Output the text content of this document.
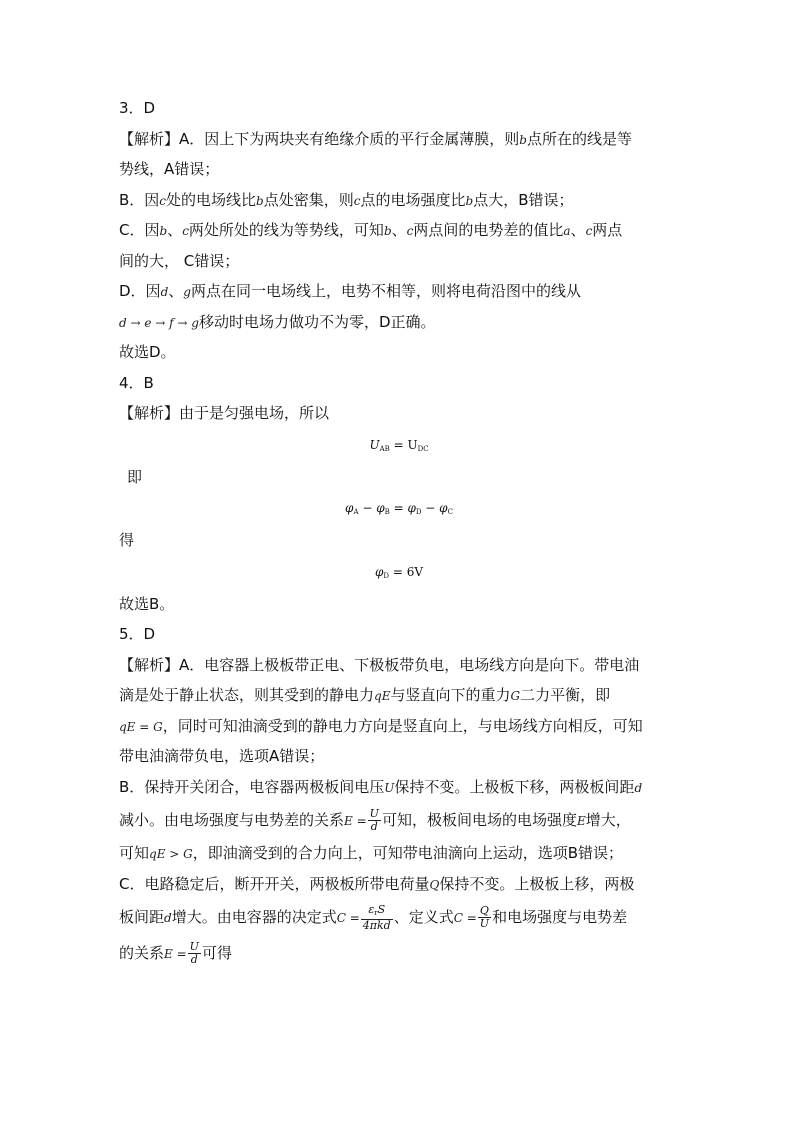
3．D
【解析】A．因上下为两块夹有绝缘介质的平行金属薄膜，则b点所在的线是等
势线，A错误；
B．因c处的电场线比b点处密集，则c点的电场强度比b点大，B错误；
C．因b、c两处所处的线为等势线，可知b、c两点间的电势差的值比a、c两点
间的大， C错误；
D．因d、g两点在同一电场线上，电势不相等，则将电荷沿图中的线从
d → e → f → g移动时电场力做功不为零，D正确。
故选D。
4．B
【解析】由于是匀强电场，所以
$U_{AB} = U_{DC}$
即
$\varphi_A - \varphi_B = \varphi_D - \varphi_C$
得
$\varphi_D = 6V$
故选B。
5．D
【解析】A．电容器上极板带正电、下极板带负电，电场线方向是向下。带电油
滴是处于静止状态，则其受到的静电力qE与竖直向下的重力G二力平衡，即
qE = G，同时可知油滴受到的静电力方向是竖直向上，与电场线方向相反，可知
带电油滴带负电，选项A错误；
B．保持开关闭合，电容器两极板间电压U保持不变。上极板下移，两极板间距d
减小。由电场强度与电势差的关系$E = \frac{U}{d}$ 可知，极板间电场的电场强度E增大，
可知qE > G，即油滴受到的合力向上，可知带电油滴向上运动，选项B错误；
C．电路稳定后，断开开关，两极板所带电荷量Q保持不变。上极板上移，两极
板间距d增大。由电容器的决定式$C = \frac{\varepsilon_rS}{\text{4πkd}}$ 、定义式$C = \frac{Q}{U}$ 和电场强度与电势差
的关系$E = \frac{U}{d}$ 可得
